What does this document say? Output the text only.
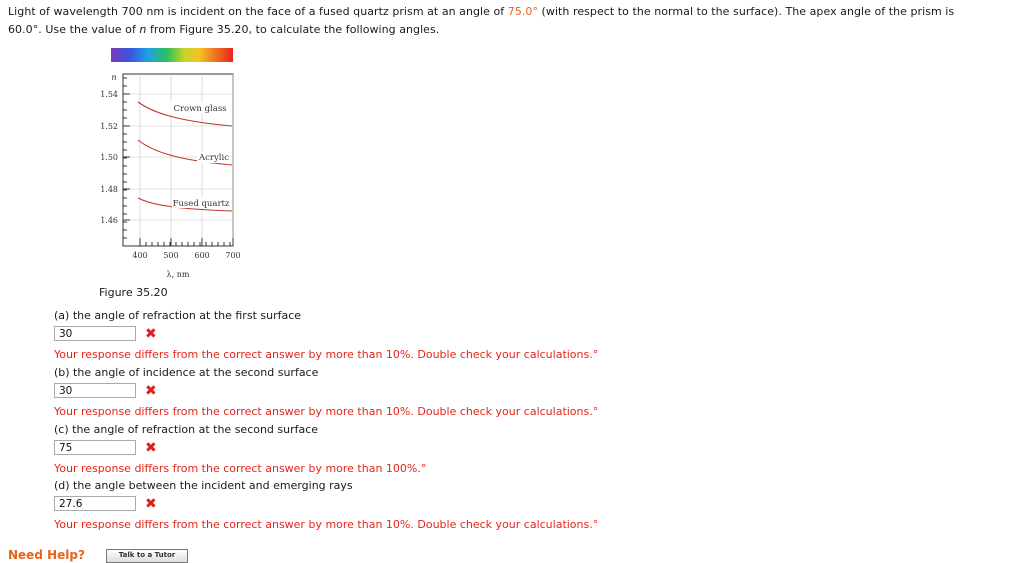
Light of wavelength 700 nm is incident on the face of a fused quartz prism at an angle of 75.0° (with respect to the normal to the surface). The apex angle of the prism is
60.0°. Use the value of n from Figure 35.20, to calculate the following angles.
Crown glass
Acrylic
Fused quartz
n
1.54
1.52
1.50
1.48
1.46
400 500 600 700
λ, nm
Figure 35.20
(a) the angle of refraction at the first surface
30	✖
Your response differs from the correct answer by more than 10%. Double check your calculations.°
(b) the angle of incidence at the second surface
30	✖
Your response differs from the correct answer by more than 10%. Double check your calculations.°
(c) the angle of refraction at the second surface
75	✖
Your response differs from the correct answer by more than 100%.°
(d) the angle between the incident and emerging rays
27.6	✖
Your response differs from the correct answer by more than 10%. Double check your calculations.°
Need Help?	Talk to a Tutor
